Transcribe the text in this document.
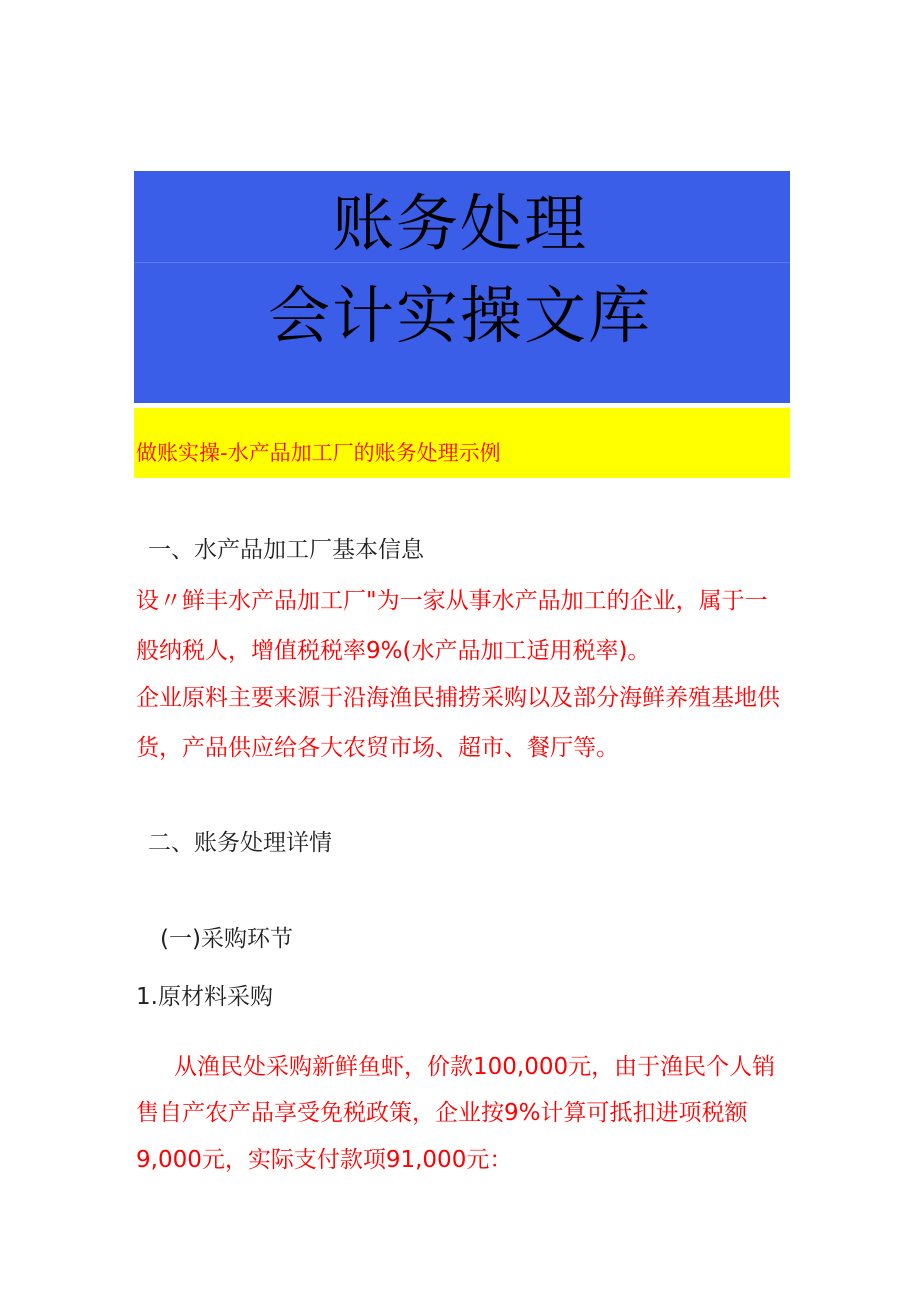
账务处理
会计实操文库
做账实操-水产品加工厂的账务处理示例
一、水产品加工厂基本信息
设〃鲜丰水产品加工厂"为一家从事水产品加工的企业，属于一
般纳税人，增值税税率9%(水产品加工适用税率)。
企业原料主要来源于沿海渔民捕捞采购以及部分海鲜养殖基地供
货，产品供应给各大农贸市场、超市、餐厅等。
二、账务处理详情
(一)采购环节
1.原材料采购
从渔民处采购新鲜鱼虾，价款100,000元，由于渔民个人销
售自产农产品享受免税政策，企业按9%计算可抵扣进项税额
9,000元，实际支付款项91,000元：
